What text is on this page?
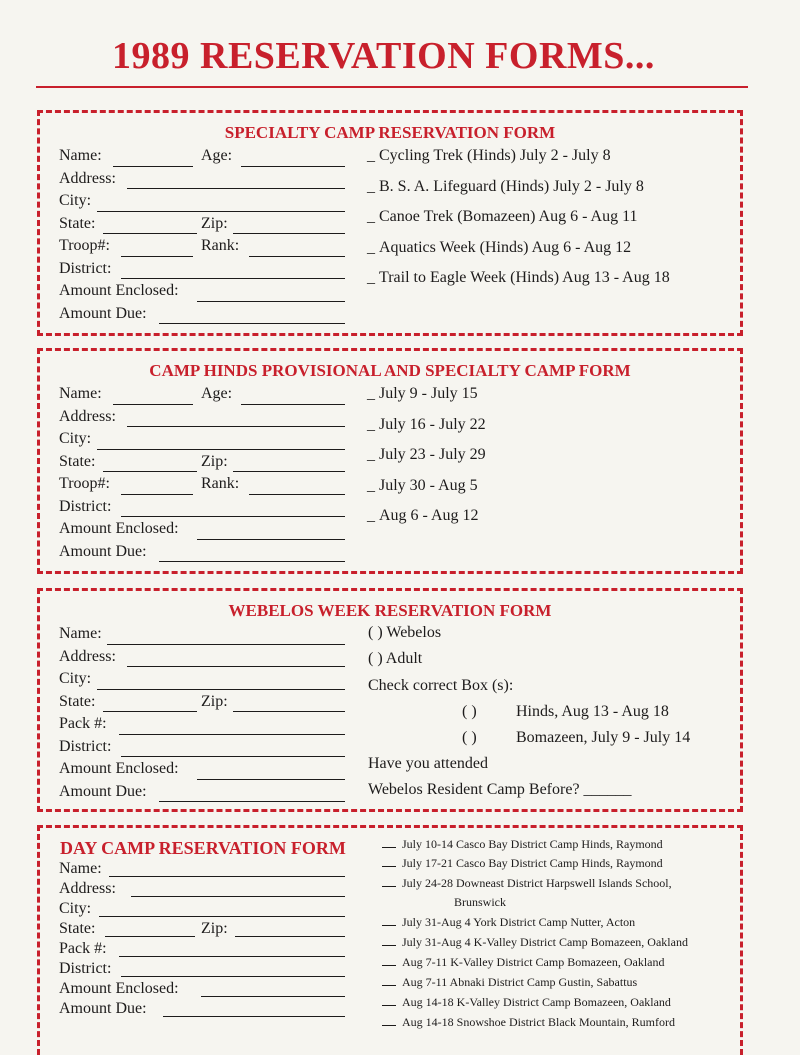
1989 RESERVATION FORMS...
SPECIALTY CAMP RESERVATION FORM
Name:	Age:
Address:
City:
State:	Zip:
Troop#:	Rank:
District:
Amount Enclosed:
Amount Due:
_ Cycling Trek (Hinds) July 2 - July 8
_ B. S. A. Lifeguard (Hinds) July 2 - July 8
_ Canoe Trek (Bomazeen) Aug 6 - Aug 11
_ Aquatics Week (Hinds) Aug 6 - Aug 12
_ Trail to Eagle Week (Hinds) Aug 13 - Aug 18
CAMP HINDS PROVISIONAL AND SPECIALTY CAMP FORM
Name:	Age:
Address:
City:
State:	Zip:
Troop#:	Rank:
District:
Amount Enclosed:
Amount Due:
_ July 9 - July 15
_ July 16 - July 22
_ July 23 - July 29
_ July 30 - Aug 5
_ Aug 6 - Aug 12
WEBELOS WEEK RESERVATION FORM
Name:
Address:
City:
State:	Zip:
Pack #:
District:
Amount Enclosed:
Amount Due:
( ) Webelos
( ) Adult
Check correct Box (s):
( ) Hinds, Aug 13 - Aug 18
( ) Bomazeen, July 9 - July 14
Have you attended
Webelos Resident Camp Before? ______
DAY CAMP RESERVATION FORM
Name:
Address:
City:
State:	Zip:
Pack #:
District:
Amount Enclosed:
Amount Due:
July 10-14 Casco Bay District Camp Hinds, Raymond
July 17-21 Casco Bay District Camp Hinds, Raymond
July 24-28 Downeast District Harpswell Islands School,
Brunswick
July 31-Aug 4 York District Camp Nutter, Acton
July 31-Aug 4 K-Valley District Camp Bomazeen, Oakland
Aug 7-11 K-Valley District Camp Bomazeen, Oakland
Aug 7-11 Abnaki District Camp Gustin, Sabattus
Aug 14-18 K-Valley District Camp Bomazeen, Oakland
Aug 14-18 Snowshoe District Black Mountain, Rumford
